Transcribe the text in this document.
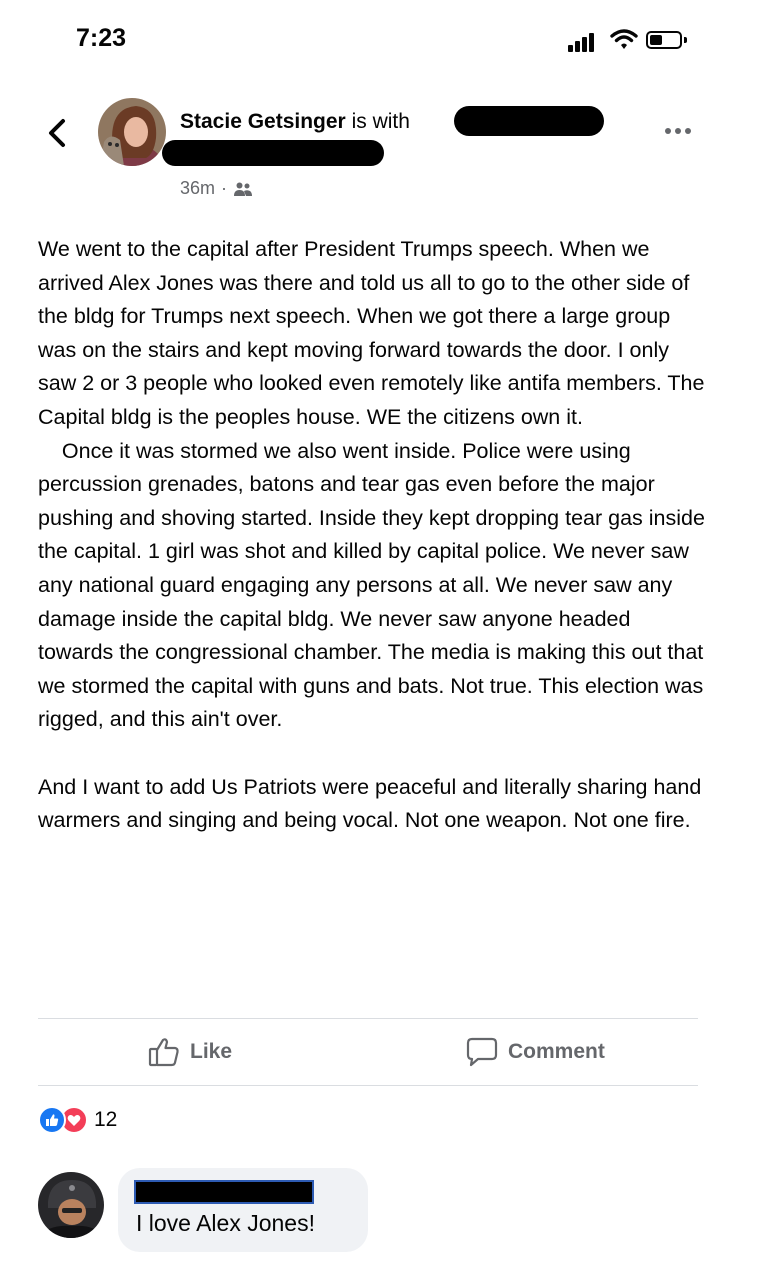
7:23
Stacie Getsinger is with
36m ·
We went to the capital after President Trumps speech. When we arrived Alex Jones was there and told us all to go to the other side of the bldg for Trumps next speech. When we got there a large group was on the stairs and kept moving forward towards the door. I only saw 2 or 3 people who looked even remotely like antifa members. The Capital bldg is the peoples house. WE the citizens own it.
Once it was stormed we also went inside. Police were using percussion grenades, batons and tear gas even before the major pushing and shoving started. Inside they kept dropping tear gas inside the capital. 1 girl was shot and killed by capital police. We never saw any national guard engaging any persons at all. We never saw any damage inside the capital bldg. We never saw anyone headed towards the congressional chamber. The media is making this out that we stormed the capital with guns and bats. Not true. This election was rigged, and this ain't over.

And I want to add Us Patriots were peaceful and literally sharing hand warmers and singing and being vocal. Not one weapon. Not one fire.
Like	Comment
12
I love Alex Jones!
